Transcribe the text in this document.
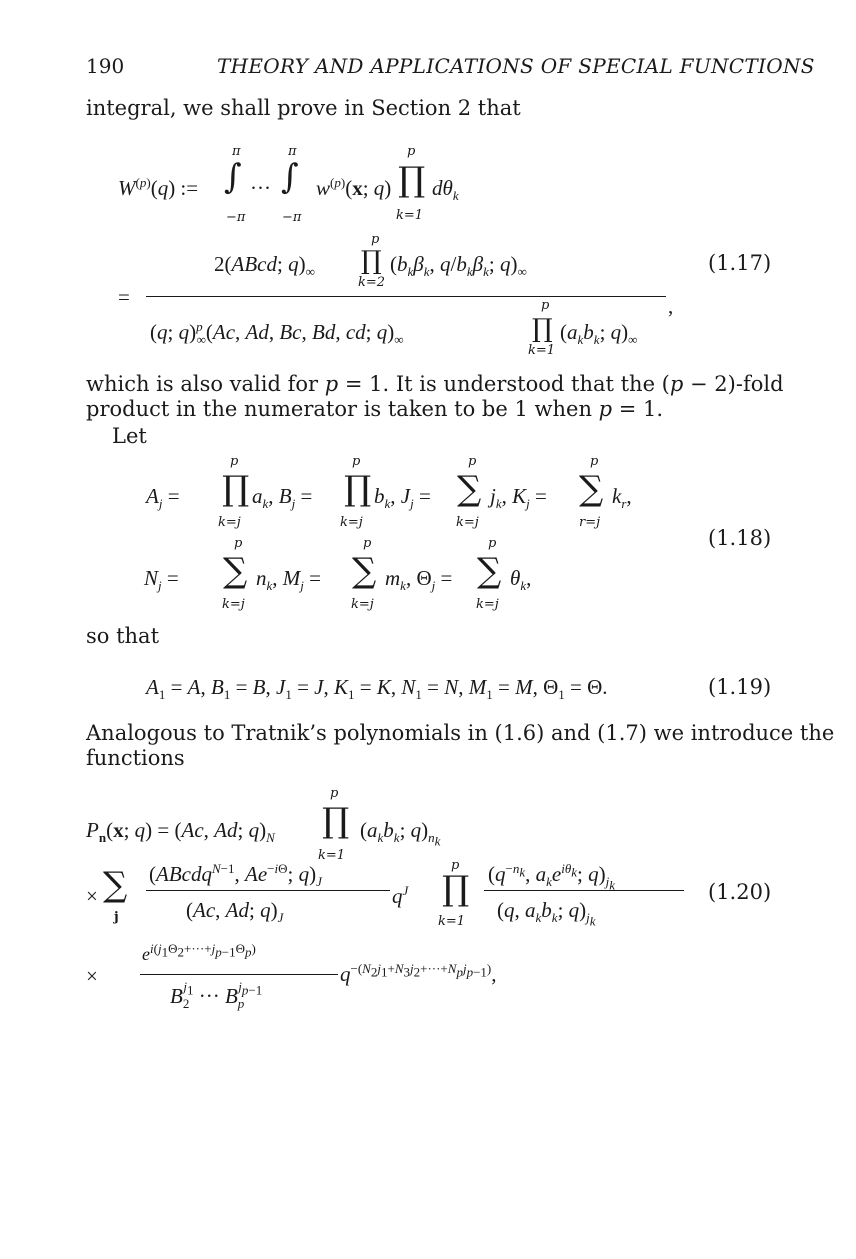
190	THEORY AND APPLICATIONS OF SPECIAL FUNCTIONS
integral, we shall prove in Section 2 that
$W^{(p)}(q)$ :=
π
∫
−π
···
π
∫
−π
$w^{(p)}(x$; q)
p
∏
k=1
$d\theta_k$
p
2(ABcd; $q)_\infty$ ∏
k=2
($b_k\beta_k$, $q/b_k\beta_k$; $q)_\infty$
=	,
(q; q)$^p_\infty$(Ac, Ad, Bc, Bd, cd; $q)_\infty$
p
∏
k=1
($a_kb_k$; $q)_\infty$
(1.17)
which is also valid for p = 1. It is understood that the (p − 2)-fold
product in the numerator is taken to be 1 when p = 1.
Let
$A_j$ =
p
∏
k=j
$a_k$, $B_j$ =
p
∏
k=j
$b_k$, $J_j$ =
p
∑
k=j
$j_k$, $K_j$ =
p
∑
r=j
$k_r$,
$N_j$ =
p
∑
k=j
$n_k$, $M_j$ =
p
∑
k=j
$m_k$, $\Theta_j$ =
p
∑
k=j
$\theta_k$,
(1.18)
so that
$A_1 = A$, $B_1 = B$, $J_1 = J$, $K_1 = K$, $N_1 = N$, $M_1 = M$, $\Theta_1 = \Theta$.	(1.19)
Analogous to Tratnik’s polynomials in (1.6) and (1.7) we introduce the
functions
$P_n(x$; q) = (Ac, Ad; $q)_N$
p
∏
k=1
($a_kb_k$; $q)_{n_k}$
× ∑
j
(ABcdq$^{N-1}$, $Ae^{-i\Theta}$; $q)_J$
(Ac, Ad; $q)_J$
$q^J$
p
∏
k=1
($q^{-n_k}$, $a_ke^{i\theta_k}$; $q)_{j_k}$
(q, $a_kb_k$; $q)_{j_k}$
(1.20)
×
$e^{i(j_1\Theta_2+\cdot\cdot\cdot+j_{p-1}\Theta_p)}$
$B_2^{j_1}$ ··· $B_p^{j_{p-1}}$
$q^{-(N_2j_1+N_3j_2+\cdot\cdot\cdot+N_pj_{p-1})}$,
